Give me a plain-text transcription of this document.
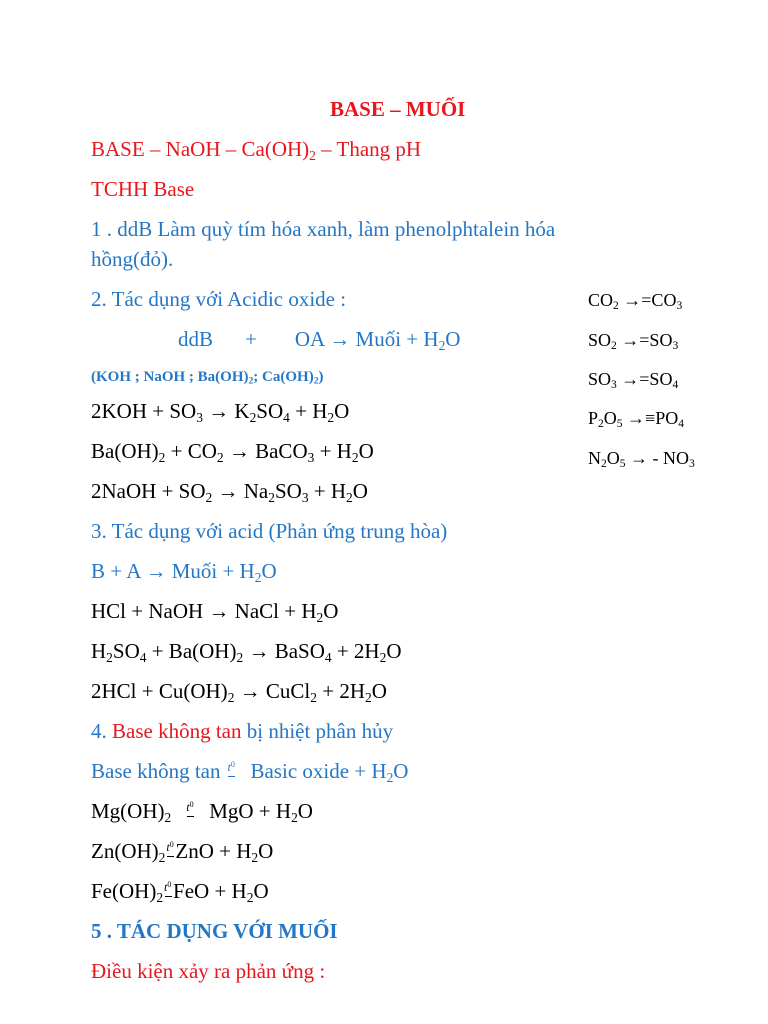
BASE – MUỐI
BASE – NaOH – $Ca(OH)_2$ – Thang pH
TCHH Base
1 . ddB Làm quỳ tím hóa xanh, làm phenolphtalein hóa
hồng(đỏ).
2. Tác dụng với Acidic oxide :
ddB + OA → Muối + $H_2O$
(KOH ; NaOH ; $Ba(OH)_2$; $Ca(OH)_2$)
$2KOH + SO_3 \to K_2SO_4 + H_2O$
$Ba(OH)_2 + CO_2$ → BaCO$_3$ + $H_2O$
2NaOH + $SO_2 \to Na_2SO_3 + H_2O$
$CO_2 \to=CO_3$
$SO_2 \to=SO_3$
$SO_3 \to=SO_4$
$P_2O_5 \to\equiv PO_4$
$N_2O_5$ → - $NO_3$
3. Tác dụng với acid (Phản ứng trung hòa)
B + A → Muối + $H_2O$
HCl + NaOH → NaCl + $H_2O$
$H_2SO_4 + Ba(OH)_2$ → BaSO$_4$ + $2H_2O$
$2HCl + Cu(OH)_2$ → CuCl$_2$ + $2H_2O$
4. Base không tan bị nhiệt phân hủy
Base không $\tan t^0$ Basic oxide + $H_2O$
$Mg(OH)_2$
$t^0$ MgO + $H_2O$
$Zn(OH)_2$
$t^0$ ZnO + $H_2O$
$Fe(OH)_2$
$t^0$ FeO + $H_2O$
5 . TÁC DỤNG VỚI MUỐI
Điều kiện xảy ra phản ứng :
